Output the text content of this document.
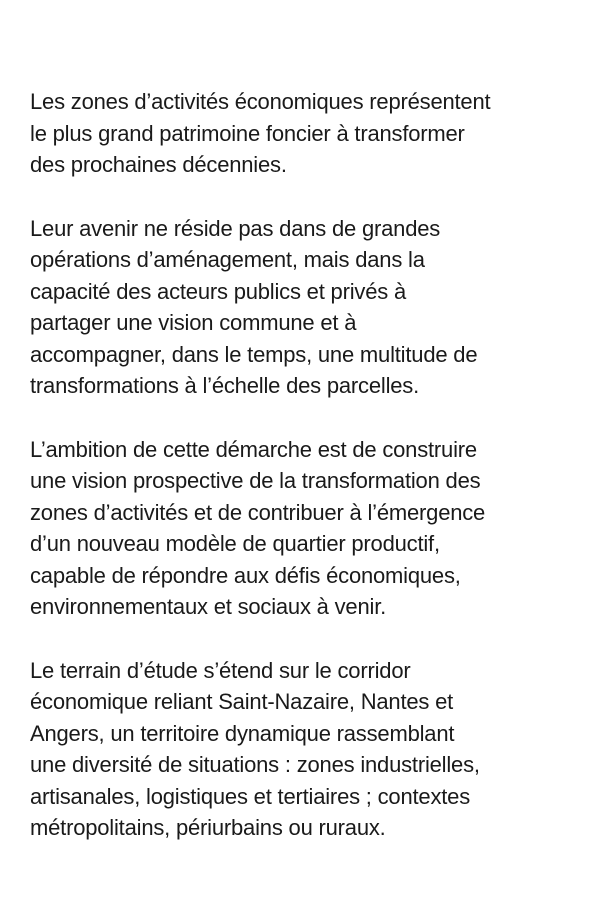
Les zones d’activités économiques représentent
le plus grand patrimoine foncier à transformer
des prochaines décennies.

Leur avenir ne réside pas dans de grandes
opérations d’aménagement, mais dans la
capacité des acteurs publics et privés à
partager une vision commune et à
accompagner, dans le temps, une multitude de
transformations à l’échelle des parcelles.

L’ambition de cette démarche est de construire
une vision prospective de la transformation des
zones d’activités et de contribuer à l’émergence
d’un nouveau modèle de quartier productif,
capable de répondre aux défis économiques,
environnementaux et sociaux à venir.

Le terrain d’étude s’étend sur le corridor
économique reliant Saint-Nazaire, Nantes et
Angers, un territoire dynamique rassemblant
une diversité de situations : zones industrielles,
artisanales, logistiques et tertiaires ; contextes
métropolitains, périurbains ou ruraux.
